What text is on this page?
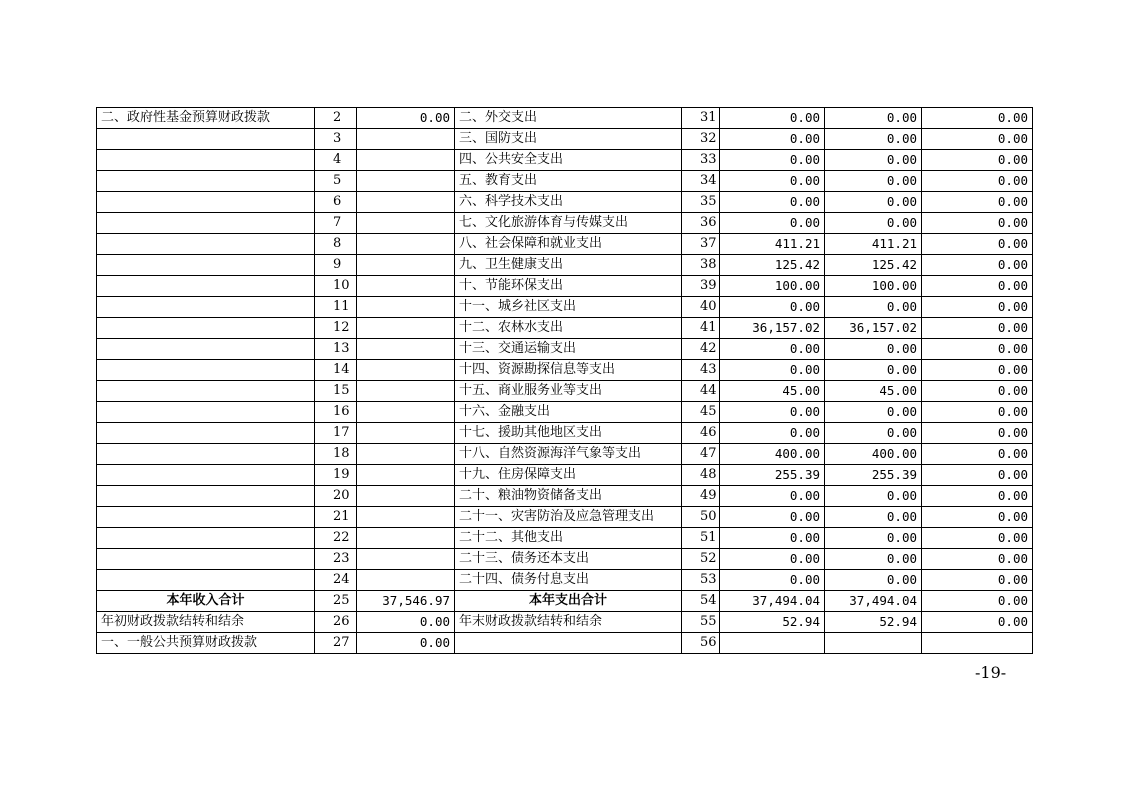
二、政府性基金预算财政拨款	2	0.00	二、外交支出	31	0.00	0.00	0.00
	3		三、国防支出	32	0.00	0.00	0.00
	4		四、公共安全支出	33	0.00	0.00	0.00
	5		五、教育支出	34	0.00	0.00	0.00
	6		六、科学技术支出	35	0.00	0.00	0.00
	7		七、文化旅游体育与传媒支出	36	0.00	0.00	0.00
	8		八、社会保障和就业支出	37	411.21	411.21	0.00
	9		九、卫生健康支出	38	125.42	125.42	0.00
	10		十、节能环保支出	39	100.00	100.00	0.00
	11		十一、城乡社区支出	40	0.00	0.00	0.00
	12		十二、农林水支出	41	36,157.02	36,157.02	0.00
	13		十三、交通运输支出	42	0.00	0.00	0.00
	14		十四、资源勘探信息等支出	43	0.00	0.00	0.00
	15		十五、商业服务业等支出	44	45.00	45.00	0.00
	16		十六、金融支出	45	0.00	0.00	0.00
	17		十七、援助其他地区支出	46	0.00	0.00	0.00
	18		十八、自然资源海洋气象等支出	47	400.00	400.00	0.00
	19		十九、住房保障支出	48	255.39	255.39	0.00
	20		二十、粮油物资储备支出	49	0.00	0.00	0.00
	21		二十一、灾害防治及应急管理支出	50	0.00	0.00	0.00
	22		二十二、其他支出	51	0.00	0.00	0.00
	23		二十三、债务还本支出	52	0.00	0.00	0.00
	24		二十四、债务付息支出	53	0.00	0.00	0.00
本年收入合计	25	37,546.97	本年支出合计	54	37,494.04	37,494.04	0.00
年初财政拨款结转和结余	26	0.00	年末财政拨款结转和结余	55	52.94	52.94	0.00
一、一般公共预算财政拨款	27	0.00		56			
-19-
